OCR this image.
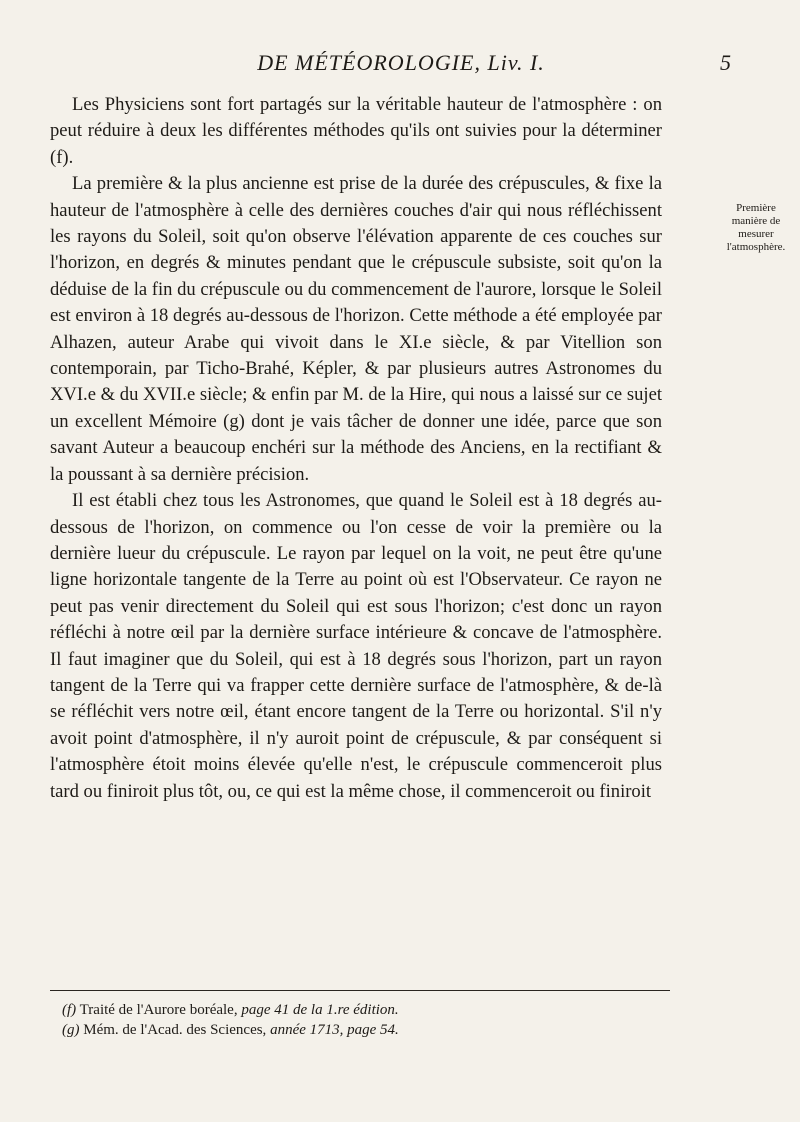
DE MÉTÉOROLOGIE, Liv. I.	5

Les Physiciens sont fort partagés sur la véritable hauteur de l'atmosphère : on peut réduire à deux les différentes méthodes qu'ils ont suivies pour la déterminer (f).

La première & la plus ancienne est prise de la durée des crépuscules, & fixe la hauteur de l'atmosphère à celle des dernières couches d'air qui nous réfléchissent les rayons du Soleil, soit qu'on observe l'élévation apparente de ces couches sur l'horizon, en degrés & minutes pendant que le crépuscule subsiste, soit qu'on la déduise de la fin du crépuscule ou du commencement de l'aurore, lorsque le Soleil est environ à 18 degrés au-dessous de l'horizon. Cette méthode a été employée par Alhazen, auteur Arabe qui vivoit dans le XI.e siècle, & par Vitellion son contemporain, par Ticho-Brahé, Képler, & par plusieurs autres Astronomes du XVI.e & du XVII.e siècle; & enfin par M. de la Hire, qui nous a laissé sur ce sujet un excellent Mémoire (g) dont je vais tâcher de donner une idée, parce que son savant Auteur a beaucoup enchéri sur la méthode des Anciens, en la rectifiant & la poussant à sa dernière précision.

Il est établi chez tous les Astronomes, que quand le Soleil est à 18 degrés au-dessous de l'horizon, on commence ou l'on cesse de voir la première ou la dernière lueur du crépuscule. Le rayon par lequel on la voit, ne peut être qu'une ligne horizontale tangente de la Terre au point où est l'Observateur. Ce rayon ne peut pas venir directement du Soleil qui est sous l'horizon; c'est donc un rayon réfléchi à notre œil par la dernière surface intérieure & concave de l'atmosphère. Il faut imaginer que du Soleil, qui est à 18 degrés sous l'horizon, part un rayon tangent de la Terre qui va frapper cette dernière surface de l'atmosphère, & de-là se réfléchit vers notre œil, étant encore tangent de la Terre ou horizontal. S'il n'y avoit point d'atmosphère, il n'y auroit point de crépuscule, & par conséquent si l'atmosphère étoit moins élevée qu'elle n'est, le crépuscule commenceroit plus tard ou finiroit plus tôt, ou, ce qui est la même chose, il commenceroit ou finiroit

Première manière de mesurer l'atmosphère.
(f) Traité de l'Aurore boréale, page 41 de la 1.re édition.
(g) Mém. de l'Acad. des Sciences, année 1713, page 54.
